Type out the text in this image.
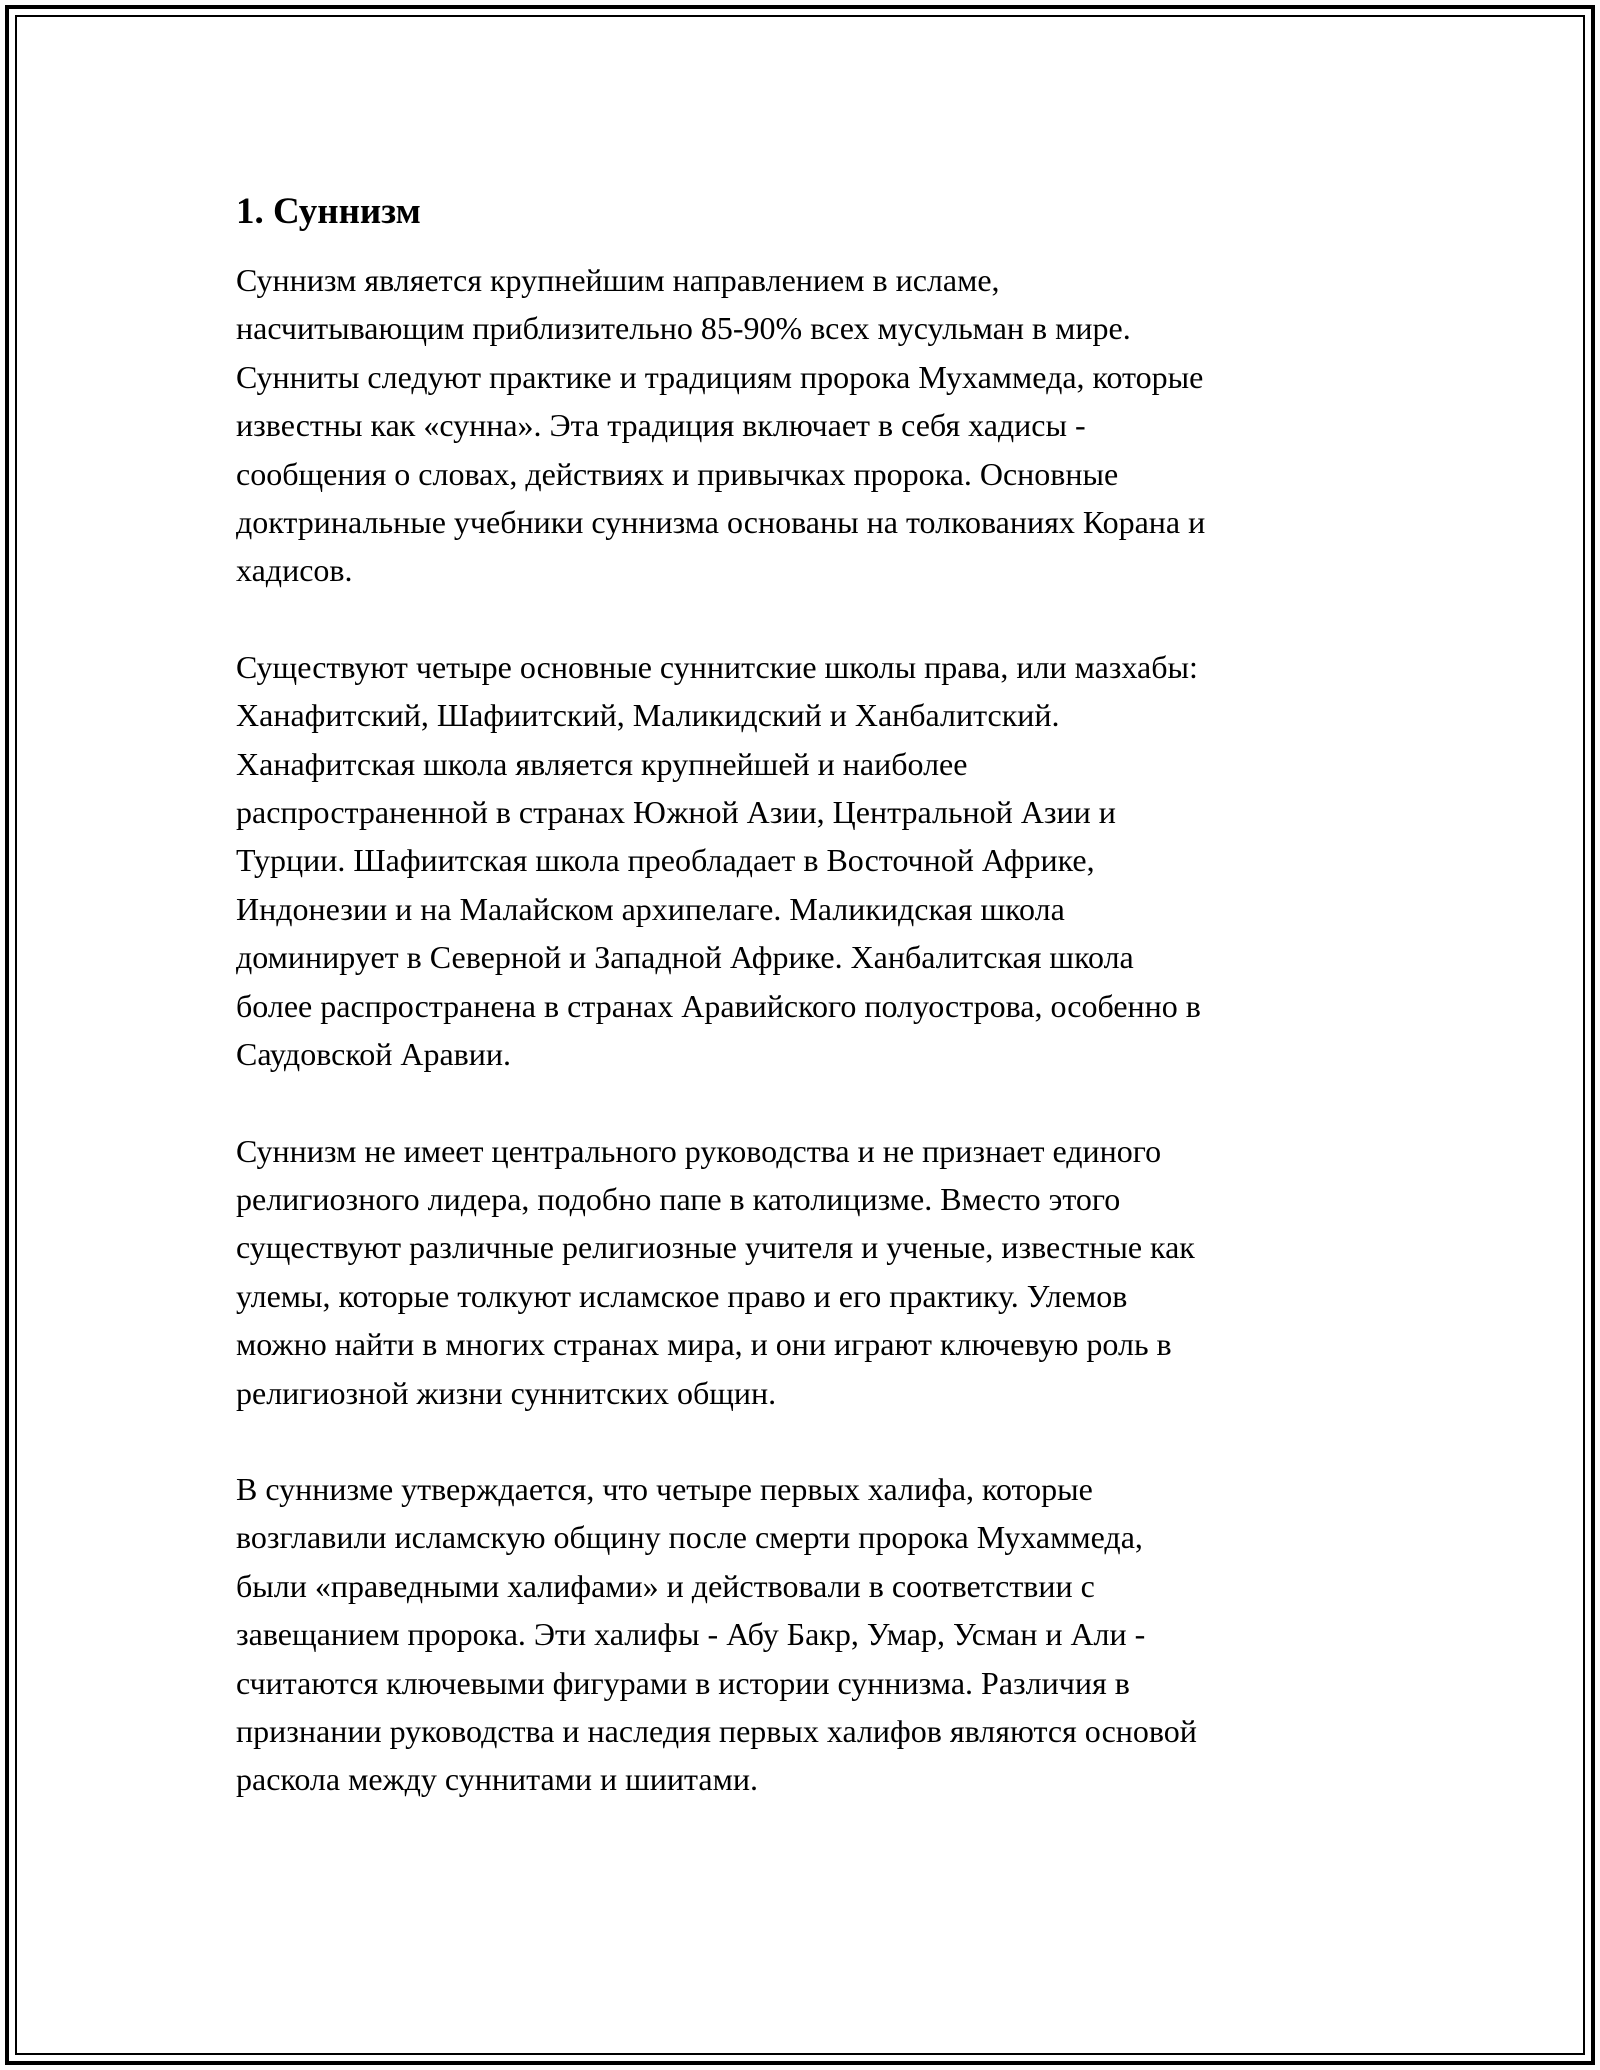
1. Суннизм

Суннизм является крупнейшим направлением в исламе,
насчитывающим приблизительно 85-90% всех мусульман в мире.
Сунниты следуют практике и традициям пророка Мухаммеда, которые
известны как «сунна». Эта традиция включает в себя хадисы -
сообщения о словах, действиях и привычках пророка. Основные
доктринальные учебники суннизма основаны на толкованиях Корана и
хадисов.

Существуют четыре основные суннитские школы права, или мазхабы:
Ханафитский, Шафиитский, Маликидский и Ханбалитский.
Ханафитская школа является крупнейшей и наиболее
распространенной в странах Южной Азии, Центральной Азии и
Турции. Шафиитская школа преобладает в Восточной Африке,
Индонезии и на Малайском архипелаге. Маликидская школа
доминирует в Северной и Западной Африке. Ханбалитская школа
более распространена в странах Аравийского полуострова, особенно в
Саудовской Аравии.

Суннизм не имеет центрального руководства и не признает единого
религиозного лидера, подобно папе в католицизме. Вместо этого
существуют различные религиозные учителя и ученые, известные как
улемы, которые толкуют исламское право и его практику. Улемов
можно найти в многих странах мира, и они играют ключевую роль в
религиозной жизни суннитских общин.

В суннизме утверждается, что четыре первых халифа, которые
возглавили исламскую общину после смерти пророка Мухаммеда,
были «праведными халифами» и действовали в соответствии с
завещанием пророка. Эти халифы - Абу Бакр, Умар, Усман и Али -
считаются ключевыми фигурами в истории суннизма. Различия в
признании руководства и наследия первых халифов являются основой
раскола между суннитами и шиитами.
